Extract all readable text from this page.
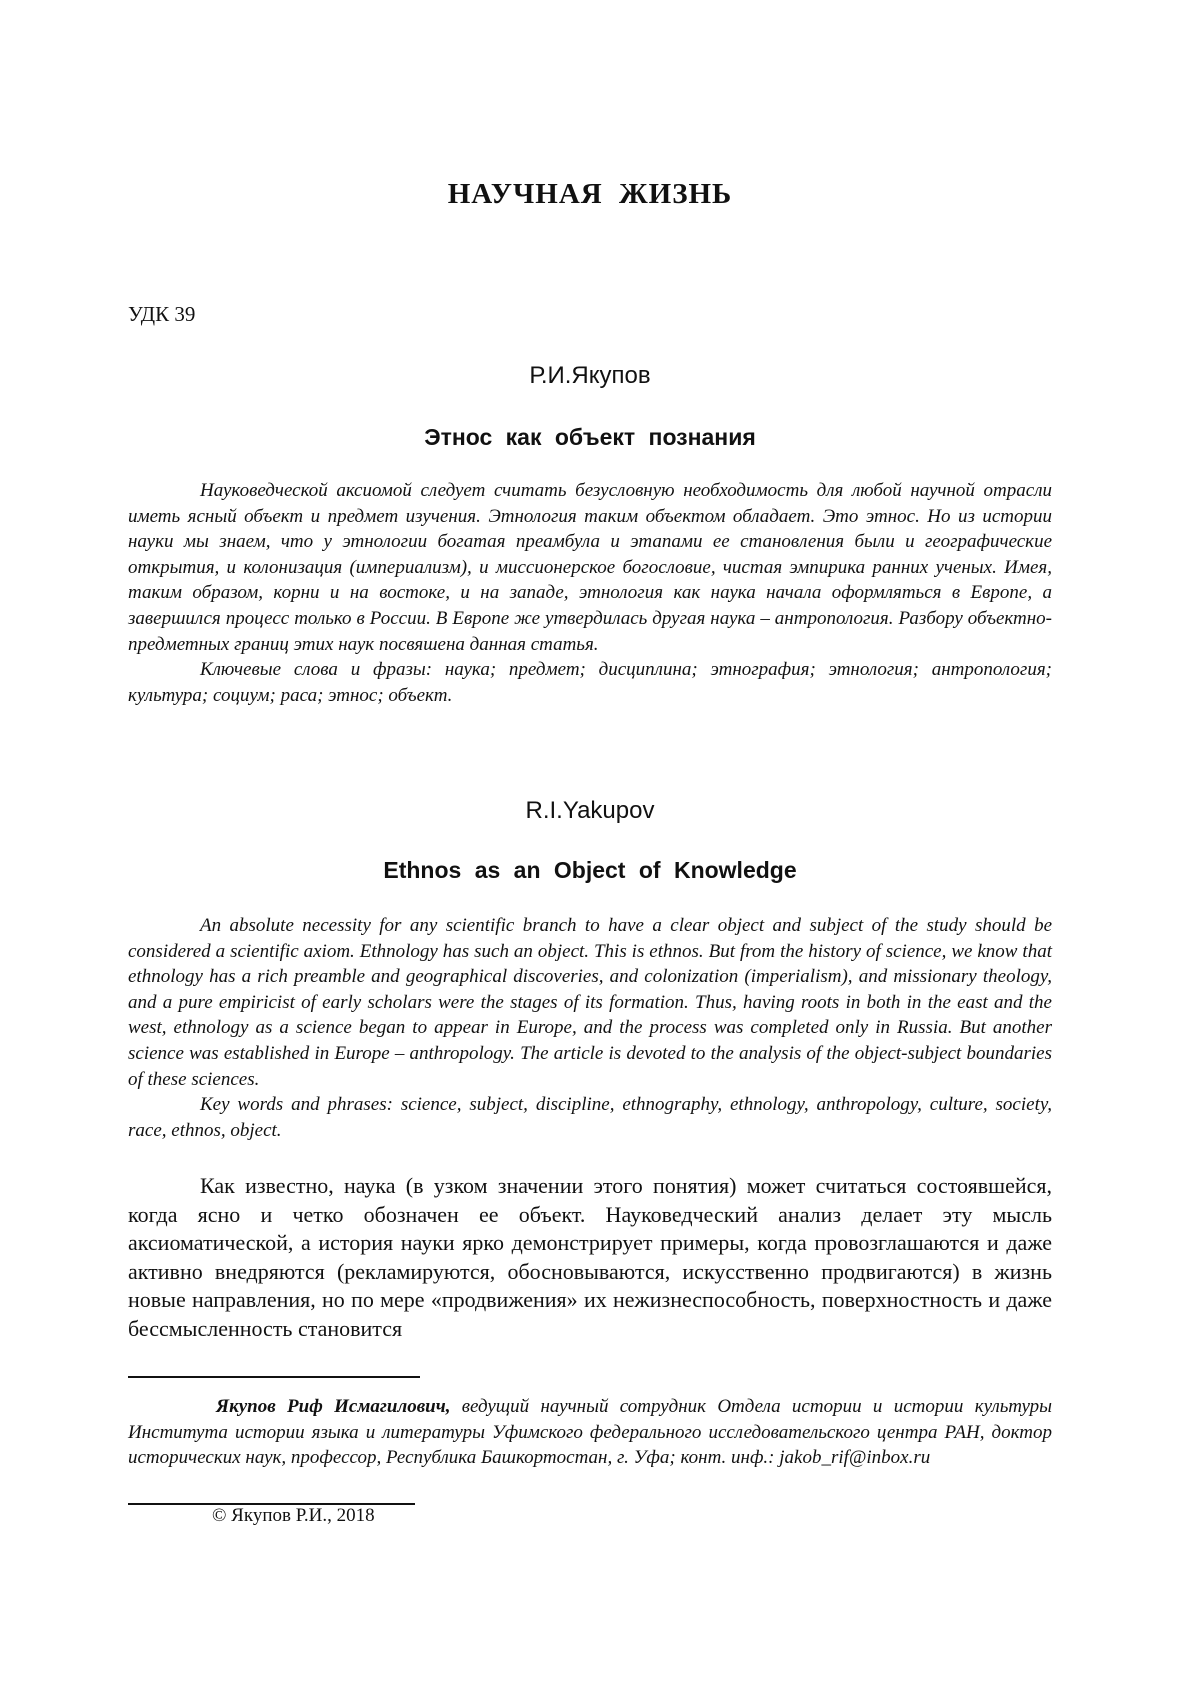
НАУЧНАЯ ЖИЗНЬ
УДК 39
Р.И.Якупов
Этнос как объект познания

Науковедческой аксиомой следует считать безусловную необходимость для любой научной отрасли иметь ясный объект и предмет изучения. Этнология таким объектом обладает. Это этнос. Но из истории науки мы знаем, что у этнологии богатая преамбула и этапами ее становления были и географические открытия, и колонизация (империализм), и миссионерское богословие, чистая эмпирика ранних ученых. Имея, таким образом, корни и на востоке, и на западе, этнология как наука начала оформляться в Европе, а завершился процесс только в России. В Европе же утвердилась другая наука – антропология. Разбору объектно-предметных границ этих наук посвяшена данная статья.

Ключевые слова и фразы: наука; предмет; дисциплина; этнография; этнология; антропология; культура; социум; раса; этнос; объект.

R.I.Yakupov
Ethnos as an Object of Knowledge

An absolute necessity for any scientific branch to have a clear object and subject of the study should be considered a scientific axiom. Ethnology has such an object. This is ethnos. But from the history of science, we know that ethnology has a rich preamble and geographical discoveries, and colonization (imperialism), and missionary theology, and a pure empiricist of early scholars were the stages of its formation. Thus, having roots in both in the east and the west, ethnology as a science began to appear in Europe, and the process was completed only in Russia. But another science was established in Europe – anthropology. The article is devoted to the analysis of the object-subject boundaries of these sciences.

Key words and phrases: science, subject, discipline, ethnography, ethnology, anthropology, culture, society, race, ethnos, object.

Как известно, наука (в узком значении этого понятия) может считаться состоявшейся, когда ясно и четко обозначен ее объект. Науковедческий анализ делает эту мысль аксиоматической, а история науки ярко демонстрирует примеры, когда провозглашаются и даже активно внедряются (рекламируются, обосновываются, искусственно продвигаются) в жизнь новые направления, но по мере «продвижения» их нежизнеспособность, поверхностность и даже бессмысленность становится

Якупов Риф Исмагилович, ведущий научный сотрудник Отдела истории и истории культуры Института истории языка и литературы Уфимского федерального исследовательского центра РАН, доктор исторических наук, профессор, Республика Башкортостан, г. Уфа; конт. инф.: jakob_rif@inbox.ru

© Якупов Р.И., 2018
